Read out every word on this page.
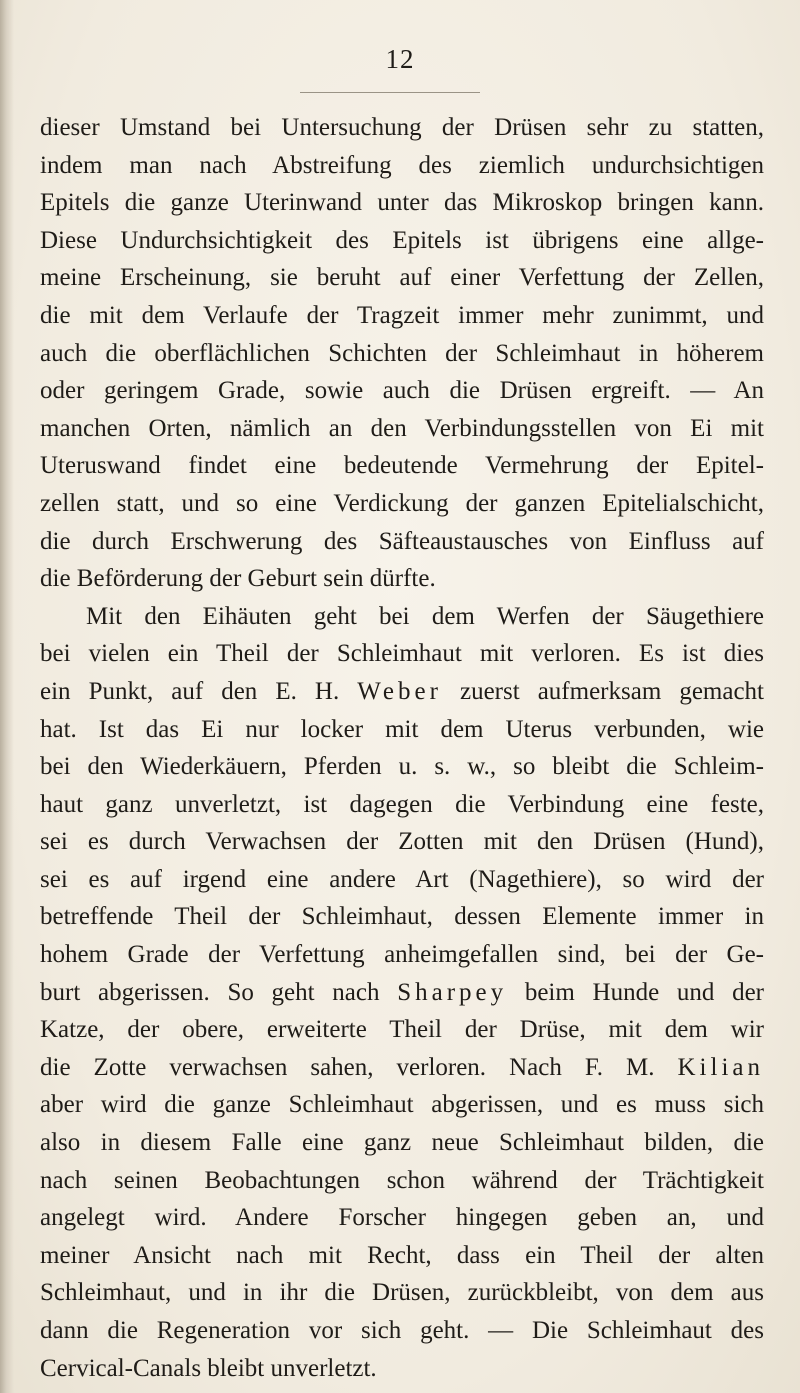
12
dieser Umstand bei Untersuchung der Drüsen sehr zu statten,
indem man nach Abstreifung des ziemlich undurchsichtigen
Epitels die ganze Uterinwand unter das Mikroskop bringen kann.
Diese Undurchsichtigkeit des Epitels ist übrigens eine allge-
meine Erscheinung, sie beruht auf einer Verfettung der Zellen,
die mit dem Verlaufe der Tragzeit immer mehr zunimmt, und
auch die oberflächlichen Schichten der Schleimhaut in höherem
oder geringem Grade, sowie auch die Drüsen ergreift. — An
manchen Orten, nämlich an den Verbindungsstellen von Ei mit
Uteruswand findet eine bedeutende Vermehrung der Epitel-
zellen statt, und so eine Verdickung der ganzen Epitelialschicht,
die durch Erschwerung des Säfteaustausches von Einfluss auf
die Beförderung der Geburt sein dürfte.
Mit den Eihäuten geht bei dem Werfen der Säugethiere
bei vielen ein Theil der Schleimhaut mit verloren. Es ist dies
ein Punkt, auf den E. H. Weber zuerst aufmerksam gemacht
hat. Ist das Ei nur locker mit dem Uterus verbunden, wie
bei den Wiederkäuern, Pferden u. s. w., so bleibt die Schleim-
haut ganz unverletzt, ist dagegen die Verbindung eine feste,
sei es durch Verwachsen der Zotten mit den Drüsen (Hund),
sei es auf irgend eine andere Art (Nagethiere), so wird der
betreffende Theil der Schleimhaut, dessen Elemente immer in
hohem Grade der Verfettung anheimgefallen sind, bei der Ge-
burt abgerissen. So geht nach Sharpey beim Hunde und der
Katze, der obere, erweiterte Theil der Drüse, mit dem wir
die Zotte verwachsen sahen, verloren. Nach F. M. Kilian
aber wird die ganze Schleimhaut abgerissen, und es muss sich
also in diesem Falle eine ganz neue Schleimhaut bilden, die
nach seinen Beobachtungen schon während der Trächtigkeit
angelegt wird. Andere Forscher hingegen geben an, und
meiner Ansicht nach mit Recht, dass ein Theil der alten
Schleimhaut, und in ihr die Drüsen, zurückbleibt, von dem aus
dann die Regeneration vor sich geht. — Die Schleimhaut des
Cervical-Canals bleibt unverletzt.
